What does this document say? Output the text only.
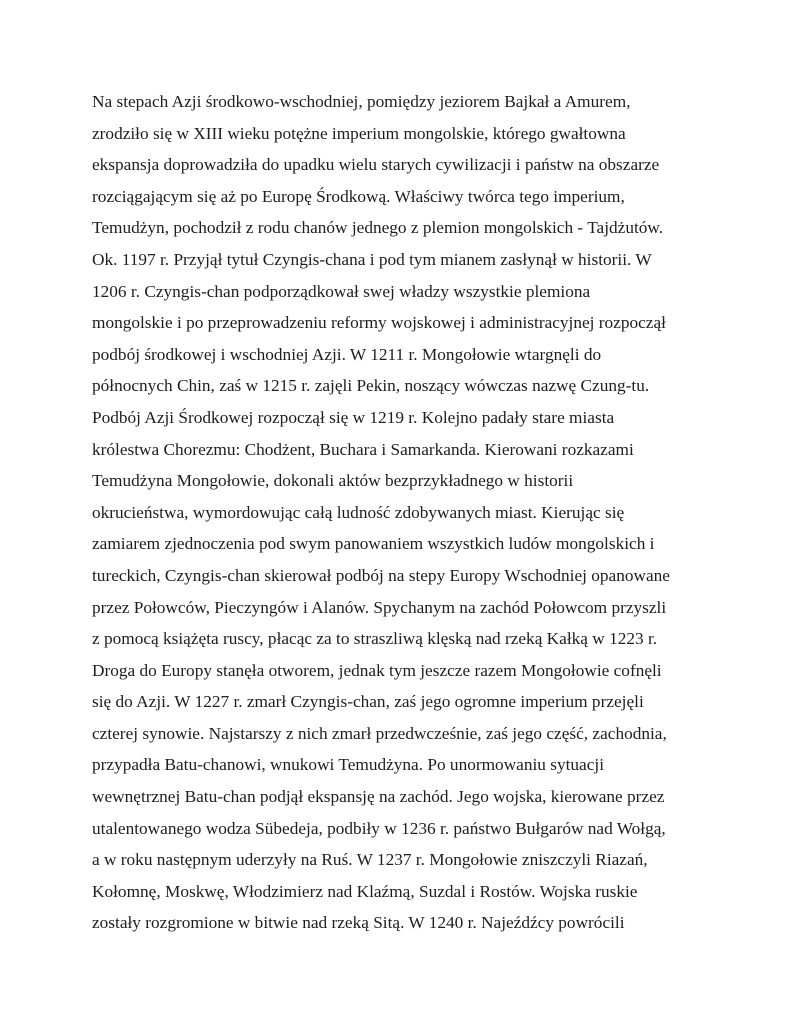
Na stepach Azji środkowo-wschodniej, pomiędzy jeziorem Bajkał a Amurem,
zrodziło się w XIII wieku potężne imperium mongolskie, którego gwałtowna
ekspansja doprowadziła do upadku wielu starych cywilizacji i państw na obszarze
rozciągającym się aż po Europę Środkową. Właściwy twórca tego imperium,
Temudżyn, pochodził z rodu chanów jednego z plemion mongolskich - Tajdżutów.
Ok. 1197 r. Przyjął tytuł Czyngis-chana i pod tym mianem zasłynął w historii. W
1206 r. Czyngis-chan podporządkował swej władzy wszystkie plemiona
mongolskie i po przeprowadzeniu reformy wojskowej i administracyjnej rozpoczął
podbój środkowej i wschodniej Azji. W 1211 r. Mongołowie wtargnęli do
północnych Chin, zaś w 1215 r. zajęli Pekin, noszący wówczas nazwę Czung-tu.
Podbój Azji Środkowej rozpoczął się w 1219 r. Kolejno padały stare miasta
królestwa Chorezmu: Chodżent, Buchara i Samarkanda. Kierowani rozkazami
Temudżyna Mongołowie, dokonali aktów bezprzykładnego w historii
okrucieństwa, wymordowując całą ludność zdobywanych miast. Kierując się
zamiarem zjednoczenia pod swym panowaniem wszystkich ludów mongolskich i
tureckich, Czyngis-chan skierował podbój na stepy Europy Wschodniej opanowane
przez Połowców, Pieczyngów i Alanów. Spychanym na zachód Połowcom przyszli
z pomocą książęta ruscy, płacąc za to straszliwą klęską nad rzeką Kałką w 1223 r.
Droga do Europy stanęła otworem, jednak tym jeszcze razem Mongołowie cofnęli
się do Azji. W 1227 r. zmarł Czyngis-chan, zaś jego ogromne imperium przejęli
czterej synowie. Najstarszy z nich zmarł przedwcześnie, zaś jego część, zachodnia,
przypadła Batu-chanowi, wnukowi Temudżyna. Po unormowaniu sytuacji
wewnętrznej Batu-chan podjął ekspansję na zachód. Jego wojska, kierowane przez
utalentowanego wodza Sübedeja, podbiły w 1236 r. państwo Bułgarów nad Wołgą,
a w roku następnym uderzyły na Ruś. W 1237 r. Mongołowie zniszczyli Riazań,
Kołomnę, Moskwę, Włodzimierz nad Klaźmą, Suzdal i Rostów. Wojska ruskie
zostały rozgromione w bitwie nad rzeką Sitą. W 1240 r. Najeźdźcy powrócili
